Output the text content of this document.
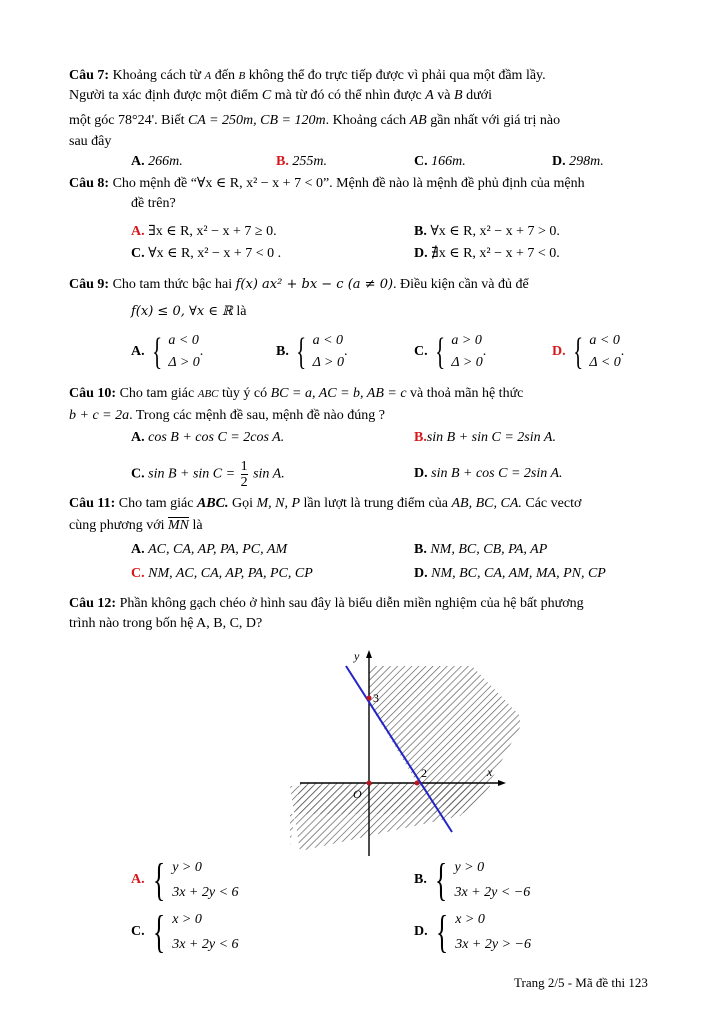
Câu 7: Khoảng cách từ A đến B không thể đo trực tiếp được vì phải qua một đầm lầy.
Người ta xác định được một điểm C mà từ đó có thể nhìn được A và B dưới
một góc 78°24'. Biết CA = 250m, CB = 120m. Khoảng cách AB gần nhất với giá trị nào
sau đây
A. 266m.	B. 255m.	C. 166m.	D. 298m.
Câu 8: Cho mệnh đề “∀x ∈ R, x² − x + 7 < 0”. Mệnh đề nào là mệnh đề phủ định của mệnh
đề trên?
A. ∃x ∈ R, x² − x + 7 ≥ 0.	B. ∀x ∈ R, x² − x + 7 > 0.
C. ∀x ∈ R, x² − x + 7 < 0 .	D. ∄x ∈ R, x² − x + 7 < 0.
Câu 9: Cho tam thức bậc hai f(x) ax² + bx − c (a ≠ 0). Điều kiện cần và đủ để
f(x) ≤ 0, ∀x ∈ ℝ là
A. { a < 0
Δ > 0
.	B. { a < 0
Δ > 0
.	C. { a > 0
Δ > 0
.	D. { a < 0
Δ < 0
.
Câu 10: Cho tam giác ABC tùy ý có BC = a, AC = b, AB = c và thoả mãn hệ thức
b + c = 2a. Trong các mệnh đề sau, mệnh đề nào đúng ?
A. cos B + cos C = 2cos A.	B.sin B + sin C = 2sin A.
C. $\sin B + \sin C = \frac{1}{2}$ sin A.	D. sin B + cos C = 2sin A.
Câu 11: Cho tam giác ABC. Gọi M, N, P lần lượt là trung điểm của AB, BC, CA. Các vectơ
cùng phương với $\overline{MN}$ là
A. AC, CA, AP, PA, PC, AM	B. NM, BC, CB, PA, AP
C. NM, AC, CA, AP, PA, PC, CP	D. NM, BC, CA, AM, MA, PN, CP
Câu 12: Phần không gạch chéo ở hình sau đây là biểu diễn miền nghiệm của hệ bất phương
trình nào trong bốn hệ A, B, C, D?
y
x
O
3
2
A. { y > 0
3x + 2y < 6
B. { y > 0
3x + 2y < −6
C. { x > 0
3x + 2y < 6
D. { x > 0
3x + 2y > −6
Trang 2/5 - Mã đề thi 123
